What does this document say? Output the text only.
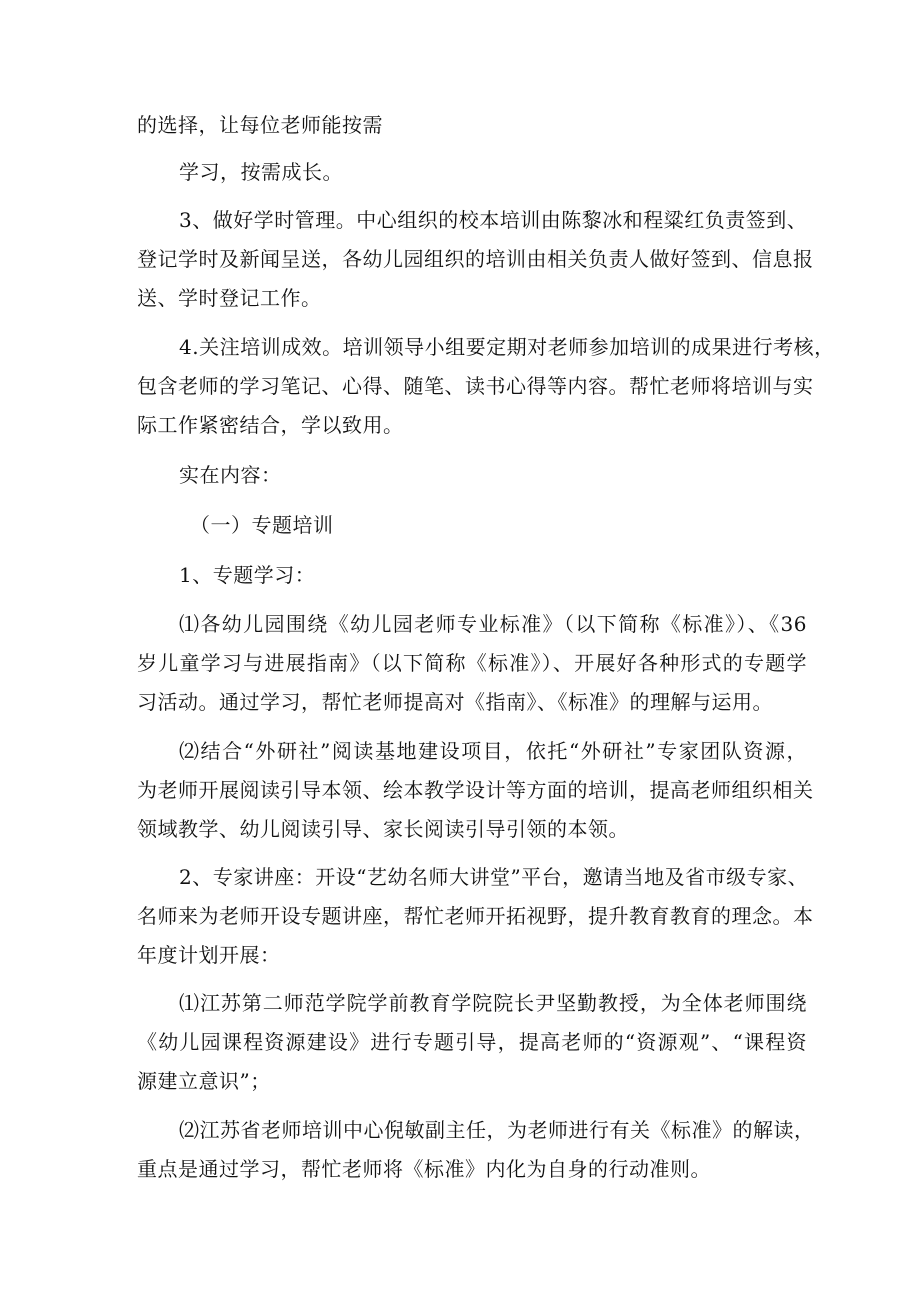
的选择，让每位老师能按需
学习，按需成长。
3、做好学时管理。中心组织的校本培训由陈黎冰和程粱红负责签到、
登记学时及新闻呈送，各幼儿园组织的培训由相关负责人做好签到、信息报
送、学时登记工作。
4.关注培训成效。培训领导小组要定期对老师参加培训的成果进行考核，
包含老师的学习笔记、心得、随笔、读书心得等内容。帮忙老师将培训与实
际工作紧密结合，学以致用。
实在内容：
（一）专题培训
1、专题学习：
⑴各幼儿园围绕《幼儿园老师专业标准》（以下简称《标准》）、《36
岁儿童学习与进展指南》（以下简称《标准》）、开展好各种形式的专题学
习活动。通过学习，帮忙老师提高对《指南》、《标准》的理解与运用。
⑵结合“外研社”阅读基地建设项目，依托“外研社”专家团队资源，
为老师开展阅读引导本领、绘本教学设计等方面的培训，提高老师组织相关
领域教学、幼儿阅读引导、家长阅读引导引领的本领。
2、专家讲座：开设“艺幼名师大讲堂”平台，邀请当地及省市级专家、
名师来为老师开设专题讲座，帮忙老师开拓视野，提升教育教育的理念。本
年度计划开展：
⑴江苏第二师范学院学前教育学院院长尹坚勤教授，为全体老师围绕
《幼儿园课程资源建设》进行专题引导，提高老师的“资源观”、“课程资
源建立意识”；
⑵江苏省老师培训中心倪敏副主任，为老师进行有关《标准》的解读，
重点是通过学习，帮忙老师将《标准》内化为自身的行动准则。
